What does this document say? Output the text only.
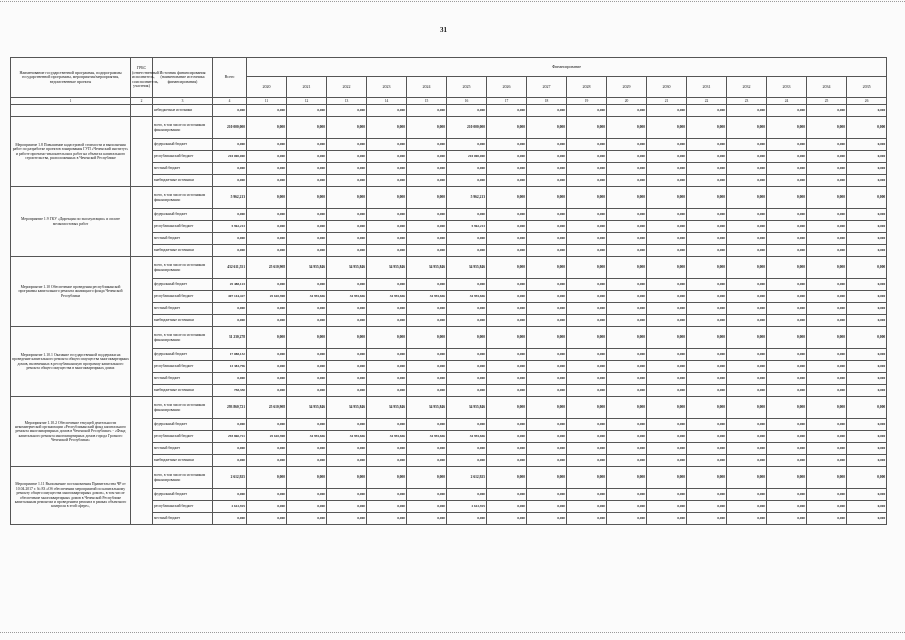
31
Наименование государственной программы, подпрограммы государственной программы, мероприятия/мероприятия, ведомственные проекты	ГРБС (ответственный исполнитель, соисполнитель, участник)	Источник финансирования (наименование источника финансирования)	Всего	Финансирование															
				2020	2021	2022	2023	2024	2025	2026	2027	2028	2029	2030	2031	2032	2033	2034	2035
1	2	3	4	11	12	13	14	15	16	17	18	19	20	21	22	23	24	25	26
		небюджетные источники	0,000	0,000	0,000	0,000	0,000	0,000	0,000	0,000	0,000	0,000	0,000	0,000	0,000	0,000	0,000	0,000	0,000
Мероприятие 1.8 Повышение кадастровой стоимости и выполнения работ по разработке проектов зонирования ГУП «Чеченский институт» и работе проектно-изыскательских работ на объектах капитального строительства, расположенных в Чеченской Республике		всего, в том числе по источникам финансирования:	210 000,000	0,000	0,000	0,000	0,000	0,000	210 000,000	0,000	0,000	0,000	0,000	0,000	0,000	0,000	0,000	0,000	0,000
		федеральный бюджет	0,000	0,000	0,000	0,000	0,000	0,000	0,000	0,000	0,000	0,000	0,000	0,000	0,000	0,000	0,000	0,000	0,000
		республиканский бюджет	210 000,000	0,000	0,000	0,000	0,000	0,000	210 000,000	0,000	0,000	0,000	0,000	0,000	0,000	0,000	0,000	0,000	0,000
		местный бюджет	0,000	0,000	0,000	0,000	0,000	0,000	0,000	0,000	0,000	0,000	0,000	0,000	0,000	0,000	0,000	0,000	0,000
		внебюджетные источники	0,000	0,000	0,000	0,000	0,000	0,000	0,000	0,000	0,000	0,000	0,000	0,000	0,000	0,000	0,000	0,000	0,000
Мероприятие 1.9 ГКУ «Дирекция по эксплуатации» и оплате мелкомостовых работ		всего, в том числе по источникам финансирования:	5 962,213	0,000	0,000	0,000	0,000	0,000	5 962,213	0,000	0,000	0,000	0,000	0,000	0,000	0,000	0,000	0,000	0,000
		федеральный бюджет	0,000	0,000	0,000	0,000	0,000	0,000	0,000	0,000	0,000	0,000	0,000	0,000	0,000	0,000	0,000	0,000	0,000
		республиканский бюджет	5 962,213	0,000	0,000	0,000	0,000	0,000	5 962,213	0,000	0,000	0,000	0,000	0,000	0,000	0,000	0,000	0,000	0,000
		местный бюджет	0,000	0,000	0,000	0,000	0,000	0,000	0,000	0,000	0,000	0,000	0,000	0,000	0,000	0,000	0,000	0,000	0,000
		внебюджетные источники	0,000	0,000	0,000	0,000	0,000	0,000	0,000	0,000	0,000	0,000	0,000	0,000	0,000	0,000	0,000	0,000	0,000
Мероприятие 1.10 Обеспечение проведения республиканской программы капитального ремонта жилищного фонда Чеченской Республики		всего, в том числе по источникам финансирования:	432 611,551	25 610,908	34 955,846	34 955,846	34 955,846	34 955,846	34 955,846	0,000	0,000	0,000	0,000	0,000	0,000	0,000	0,000	0,000	0,000
		федеральный бюджет	25 488,123	0,000	0,000	0,000	0,000	0,000	0,000	0,000	0,000	0,000	0,000	0,000	0,000	0,000	0,000	0,000	0,000
		республиканский бюджет	407 144,427	25 610,908	34 955,846	34 955,846	34 955,846	34 955,846	34 955,846	0,000	0,000	0,000	0,000	0,000	0,000	0,000	0,000	0,000	0,000
		местный бюджет	0,000	0,000	0,000	0,000	0,000	0,000	0,000	0,000	0,000	0,000	0,000	0,000	0,000	0,000	0,000	0,000	0,000
		внебюджетные источники	0,000	0,000	0,000	0,000	0,000	0,000	0,000	0,000	0,000	0,000	0,000	0,000	0,000	0,000	0,000	0,000	0,000
Мероприятие 1.10.1 Оказание государственной поддержки на проведение капитального ремонта общего имущества многоквартирных домов, включенных в республиканскую программу капитального ремонта общего имущества в многоквартирных домах		всего, в том числе по источникам финансирования:	31 230,278	0,000	0,000	0,000	0,000	0,000	0,000	0,000	0,000	0,000	0,000	0,000	0,000	0,000	0,000	0,000	0,000
		федеральный бюджет	17 088,132	0,000	0,000	0,000	0,000	0,000	0,000	0,000	0,000	0,000	0,000	0,000	0,000	0,000	0,000	0,000	0,000
		республиканский бюджет	13 383,796	0,000	0,000	0,000	0,000	0,000	0,000	0,000	0,000	0,000	0,000	0,000	0,000	0,000	0,000	0,000	0,000
		местный бюджет	0,000	0,000	0,000	0,000	0,000	0,000	0,000	0,000	0,000	0,000	0,000	0,000	0,000	0,000	0,000	0,000	0,000
		внебюджетные источники	758,350	0,000	0,000	0,000	0,000	0,000	0,000	0,000	0,000	0,000	0,000	0,000	0,000	0,000	0,000	0,000	0,000
Мероприятие 1.10.2 Обеспечение текущей деятельности некоммерческой организации «Республиканский фонд капитального ремонта многоквартирных домов в Чеченской Республике» - «Фонд капитального ремонта многоквартирных домов города Грозного Чеченской Республики»		всего, в том числе по источникам финансирования:	293 860,721	25 610,908	34 955,846	34 955,846	34 955,846	34 955,846	34 955,846	0,000	0,000	0,000	0,000	0,000	0,000	0,000	0,000	0,000	0,000
		федеральный бюджет	0,000	0,000	0,000	0,000	0,000	0,000	0,000	0,000	0,000	0,000	0,000	0,000	0,000	0,000	0,000	0,000	0,000
		республиканский бюджет	293 860,721	25 610,908	34 955,846	34 955,846	34 955,846	34 955,846	34 955,846	0,000	0,000	0,000	0,000	0,000	0,000	0,000	0,000	0,000	0,000
		местный бюджет	0,000	0,000	0,000	0,000	0,000	0,000	0,000	0,000	0,000	0,000	0,000	0,000	0,000	0,000	0,000	0,000	0,000
		внебюджетные источники	0,000	0,000	0,000	0,000	0,000	0,000	0,000	0,000	0,000	0,000	0,000	0,000	0,000	0,000	0,000	0,000	0,000
Мероприятие 1.11 Выполнение постановления Правительства ЧР от 10.04.2017 г. № 83 «Об обеспечении мероприятий по капитальному ремонту общего имущества многоквартирных домов», в том числе обеспечение многоквартирных домов в Чеченской Республике капитальным ремонтом и проведением ремонта в рамках объектного контроля в этой сфере»,		всего, в том числе по источникам финансирования:	2 612,925	0,000	0,000	0,000	0,000	0,000	2 612,925	0,000	0,000	0,000	0,000	0,000	0,000	0,000	0,000	0,000	0,000
		федеральный бюджет	0,000	0,000	0,000	0,000	0,000	0,000	0,000	0,000	0,000	0,000	0,000	0,000	0,000	0,000	0,000	0,000	0,000
		республиканский бюджет	2 612,925	0,000	0,000	0,000	0,000	0,000	2 612,925	0,000	0,000	0,000	0,000	0,000	0,000	0,000	0,000	0,000	0,000
		местный бюджет	0,000	0,000	0,000	0,000	0,000	0,000	0,000	0,000	0,000	0,000	0,000	0,000	0,000	0,000	0,000	0,000	0,000
